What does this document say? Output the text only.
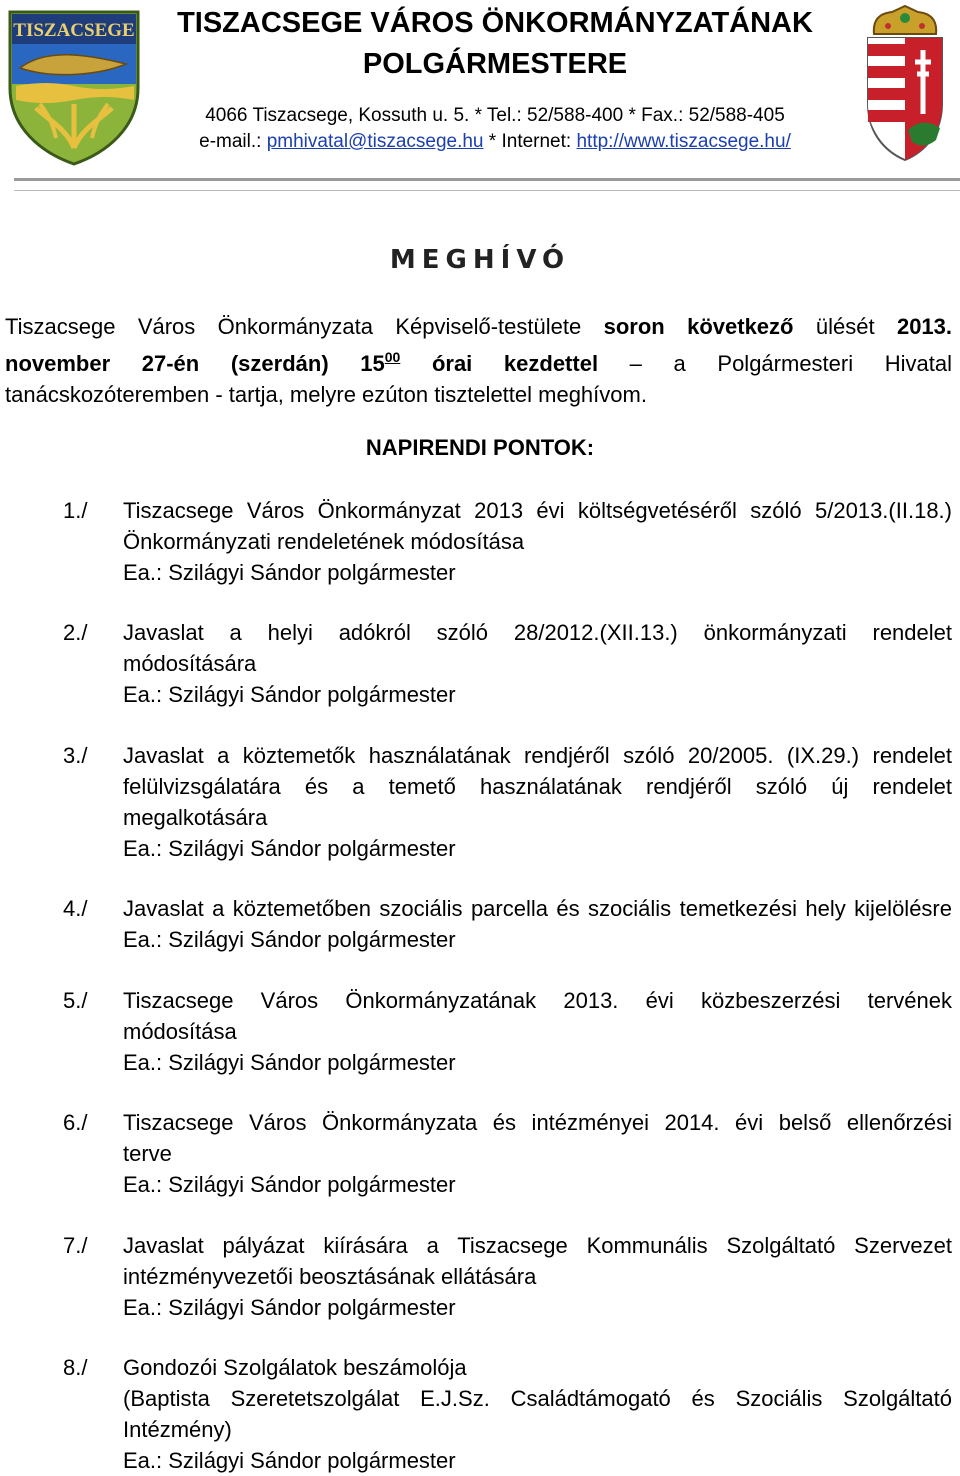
TISZACSEGE	TISZACSEGE VÁROS ÖNKORMÁNYZATÁNAK
POLGÁRMESTERE
4066 Tiszacsege, Kossuth u. 5. * Tel.: 52/588-400 * Fax.: 52/588-405
e-mail.: pmhivatal@tiszacsege.hu * Internet: http://www.tiszacsege.hu/
MEGHÍVÓ
Tiszacsege Város Önkormányzata Képviselő-testülete soron következő ülését 2013.
november 27-én (szerdán) $15^{00}$ órai kezdettel – a Polgármesteri Hivatal
tanácskozóteremben - tartja, melyre ezúton tisztelettel meghívom.
NAPIRENDI PONTOK:
1./	Tiszacsege Város Önkormányzat 2013 évi költségvetéséről szóló 5/2013.(II.18.)
Önkormányzati rendeletének módosítása
Ea.: Szilágyi Sándor polgármester
2./	Javaslat a helyi adókról szóló 28/2012.(XII.13.) önkormányzati rendelet
módosítására
Ea.: Szilágyi Sándor polgármester
3./	Javaslat a köztemetők használatának rendjéről szóló 20/2005. (IX.29.) rendelet
felülvizsgálatára és a temető használatának rendjéről szóló új rendelet
megalkotására
Ea.: Szilágyi Sándor polgármester
4./	Javaslat a köztemetőben szociális parcella és szociális temetkezési hely kijelölésre
Ea.: Szilágyi Sándor polgármester
5./	Tiszacsege Város Önkormányzatának 2013. évi közbeszerzési tervének
módosítása
Ea.: Szilágyi Sándor polgármester
6./	Tiszacsege Város Önkormányzata és intézményei 2014. évi belső ellenőrzési
terve
Ea.: Szilágyi Sándor polgármester
7./	Javaslat pályázat kiírására a Tiszacsege Kommunális Szolgáltató Szervezet
intézményvezetői beosztásának ellátására
Ea.: Szilágyi Sándor polgármester
8./	Gondozói Szolgálatok beszámolója
(Baptista Szeretetszolgálat E.J.Sz. Családtámogató és Szociális Szolgáltató
Intézmény)
Ea.: Szilágyi Sándor polgármester
